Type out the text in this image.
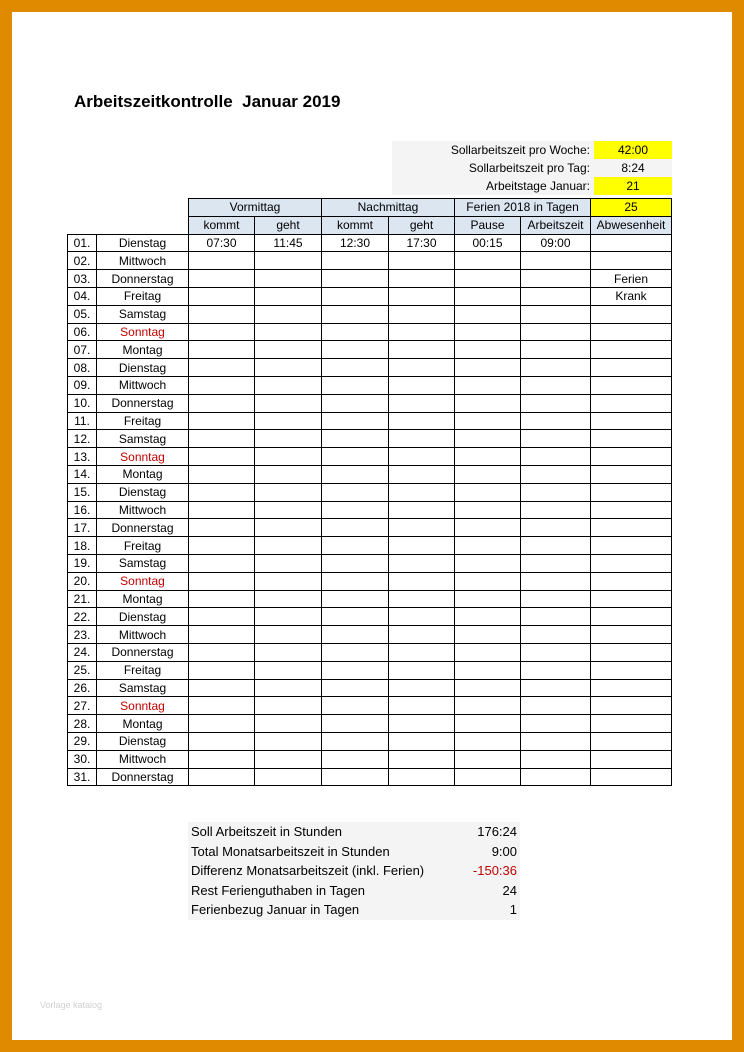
Arbeitszeitkontrolle  Januar 2019
Sollarbeitszeit pro Woche:	42:00
Sollarbeitszeit pro Tag:	8:24
Arbeitstage Januar:	21
		Vormittag		Nachmittag		Ferien 2018 in Tagen		25
		kommt	geht	kommt	geht	Pause	Arbeitszeit	Abwesenheit
01.	Dienstag	07:30	11:45	12:30	17:30	00:15	09:00	
02.	Mittwoch							
03.	Donnerstag							Ferien
04.	Freitag							Krank
05.	Samstag							
06.	Sonntag							
07.	Montag							
08.	Dienstag							
09.	Mittwoch							
10.	Donnerstag							
11.	Freitag							
12.	Samstag							
13.	Sonntag							
14.	Montag							
15.	Dienstag							
16.	Mittwoch							
17.	Donnerstag							
18.	Freitag							
19.	Samstag							
20.	Sonntag							
21.	Montag							
22.	Dienstag							
23.	Mittwoch							
24.	Donnerstag							
25.	Freitag							
26.	Samstag							
27.	Sonntag							
28.	Montag							
29.	Dienstag							
30.	Mittwoch							
31.	Donnerstag							
Soll Arbeitszeit in Stunden	176:24
Total Monatsarbeitszeit in Stunden	9:00
Differenz Monatsarbeitszeit (inkl. Ferien)	-150:36
Rest Ferienguthaben in Tagen	24
Ferienbezug Januar in Tagen	1
Vorlage katalog
